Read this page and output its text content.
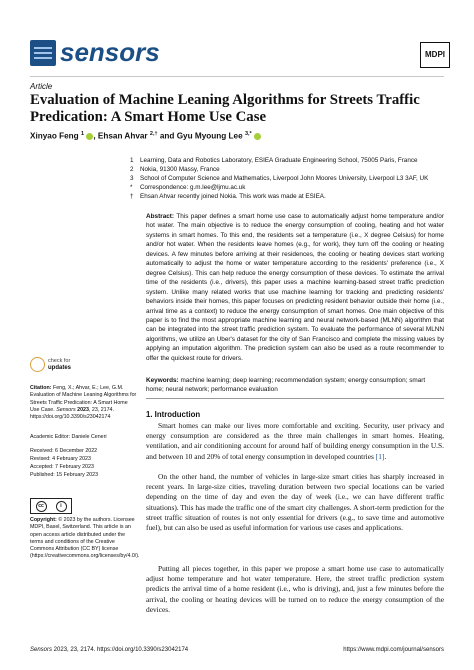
sensors	MDPI
Article
Evaluation of Machine Leaning Algorithms for Streets Traffic Predication: A Smart Home Use Case
Xinyao Feng $^1$ , Ehsan Ahvar $^{2,\dagger}$ and Gyu Myoung Lee $^{3,*}$
1 Learning, Data and Robotics Laboratory, ESIEA Graduate Engineering School, 75005 Paris, France
2 Nokia, 91300 Massy, France
3 School of Computer Science and Mathematics, Liverpool John Moores University, Liverpool L3 3AF, UK
* Correspondence: g.m.lee@ljmu.ac.uk
† Ehsan Ahvar recently joined Nokia. This work was made at ESIEA.
Abstract: This paper defines a smart home use case to automatically adjust home temperature and/or hot water. The main objective is to reduce the energy consumption of cooling, heating and hot water systems in smart homes. To this end, the residents set a temperature (i.e., X degree Celsius) for home and/or hot water. When the residents leave homes (e.g., for work), they turn off the cooling or heating devices. A few minutes before arriving at their residences, the cooling or heating devices start working automatically to adjust the home or water temperature according to the residents' preference (i.e., X degree Celsius). This can help reduce the energy consumption of these devices. To estimate the arrival time of the residents (i.e., drivers), this paper uses a machine learning-based street traffic prediction system. Unlike many related works that use machine learning for tracking and predicting residents' behaviors inside their homes, this paper focuses on predicting resident behavior outside their home (i.e., arrival time as a context) to reduce the energy consumption of smart homes. One main objective of this paper is to find the most appropriate machine learning and neural network-based (MLNN) algorithm that can be integrated into the street traffic prediction system. To evaluate the performance of several MLNN algorithms, we utilize an Uber's dataset for the city of San Francisco and complete the missing values by applying an imputation algorithm. The prediction system can also be used as a route recommender to offer the quickest route for drivers.
Keywords: machine learning; deep learning; recommendation system; energy consumption; smart home; neural network; performance evaluation
check for
updates
Citation: Feng, X.; Ahvar, E.; Lee, G.M. Evaluation of Machine Leaning Algorithms for Streets Traffic Predication: A Smart Home Use Case. Sensors 2023, 23, 2174. https://doi.org/10.3390/s23042174
Academic Editor: Daniele Ceneri
Received: 6 December 2022
Revised: 4 February 2023
Accepted: 7 February 2023
Published: 15 February 2023
cc	i
Copyright: © 2023 by the authors. Licensee MDPI, Basel, Switzerland. This article is an open access article distributed under the terms and conditions of the Creative Commons Attribution (CC BY) license (https://creativecommons.org/licenses/by/4.0/).
1. Introduction
Smart homes can make our lives more comfortable and exciting. Security, user privacy and energy consumption are considered as the three main challenges in smart homes. Heating, ventilation, and air conditioning account for around half of building energy consumption in the U.S. and between 10 and 20% of total energy consumption in developed countries [1].
On the other hand, the number of vehicles in large-size smart cities has sharply increased in recent years. In large-size cities, traveling duration between two special locations can be varied depending on the time of day and even the day of week (i.e., we can have different traffic situations). This has made the traffic one of the smart city challenges. A short-term prediction for the street traffic situation of routes is not only essential for drivers (e.g., to save time and automotive fuel), but can also be used as useful information for various use cases and applications.
Putting all pieces together, in this paper we propose a smart home use case to automatically adjust home temperature and hot water temperature. Here, the street traffic prediction system predicts the arrival time of a home resident (i.e., who is driving), and, just a few minutes before the arrival, the cooling or heating devices will be turned on to reduce the energy consumption of the devices.
Sensors 2023, 23, 2174. https://doi.org/10.3390/s23042174	https://www.mdpi.com/journal/sensors
